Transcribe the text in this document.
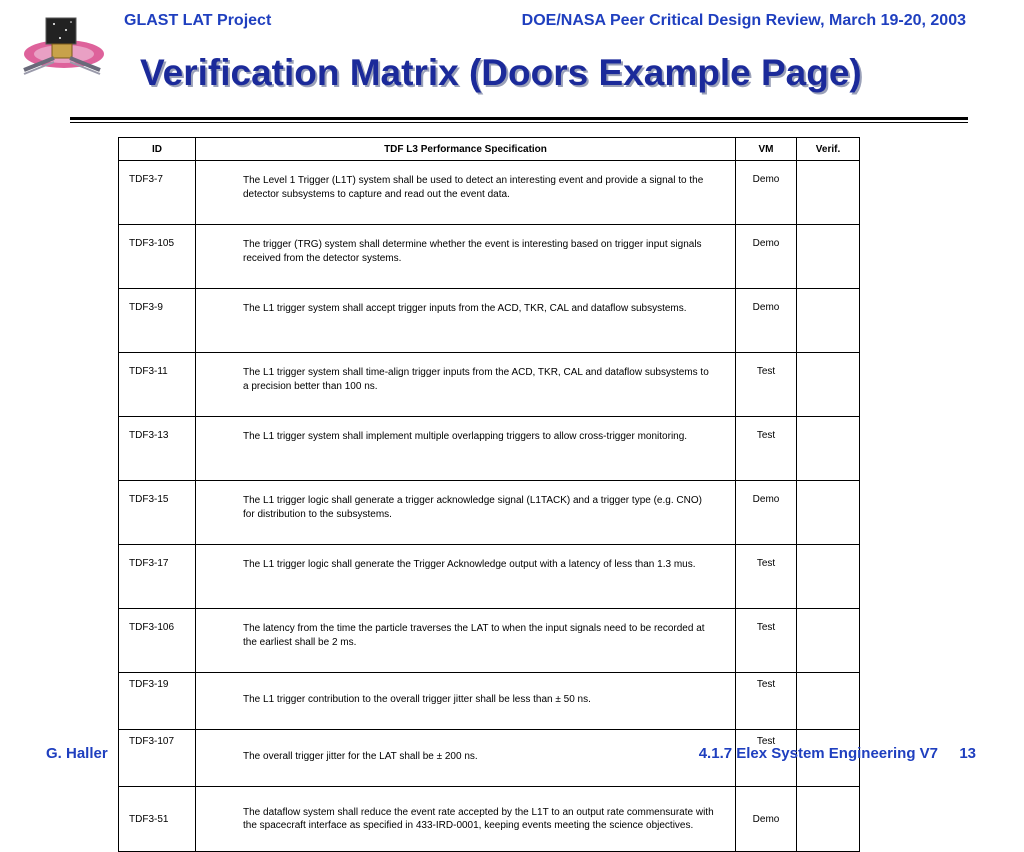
GLAST LAT Project	DOE/NASA Peer Critical Design Review, March 19-20, 2003
Verification Matrix (Doors Example Page)
ID	TDF L3 Performance Specification	VM	Verif.
TDF3-7	The Level 1 Trigger (L1T) system shall be used to detect an interesting event and provide a signal to the detector subsystems to capture and read out the event data.	Demo	
TDF3-105	The trigger (TRG) system shall determine whether the event is interesting based on trigger input signals received from the detector systems.	Demo	
TDF3-9	The L1 trigger system shall accept trigger inputs from the ACD, TKR, CAL and dataflow subsystems.	Demo	
TDF3-11	The L1 trigger system shall time-align trigger inputs from the ACD, TKR, CAL and dataflow subsystems to a precision better than 100 ns.	Test	
TDF3-13	The L1 trigger system shall implement multiple overlapping triggers to allow cross-trigger monitoring.	Test	
TDF3-15	The L1 trigger logic shall generate a trigger acknowledge signal (L1TACK) and a trigger type (e.g. CNO) for distribution to the subsystems.	Demo	
TDF3-17	The L1 trigger logic shall generate the Trigger Acknowledge output with a latency of less than 1.3 mus.	Test	
TDF3-106	The latency from the time the particle traverses the LAT to when the input signals need to be recorded at the earliest shall be 2 ms.	Test	
TDF3-19	The L1 trigger contribution to the overall trigger jitter shall be less than ± 50 ns.	Test	
TDF3-107	The overall trigger jitter for the LAT shall be ± 200 ns.	Test	
TDF3-51	The dataflow system shall reduce the event rate accepted by the L1T to an output rate commensurate with the spacecraft interface as specified in 433-IRD-0001, keeping events meeting the science objectives.	Demo	
G. Haller	4.1.7 Elex System Engineering V7 13
